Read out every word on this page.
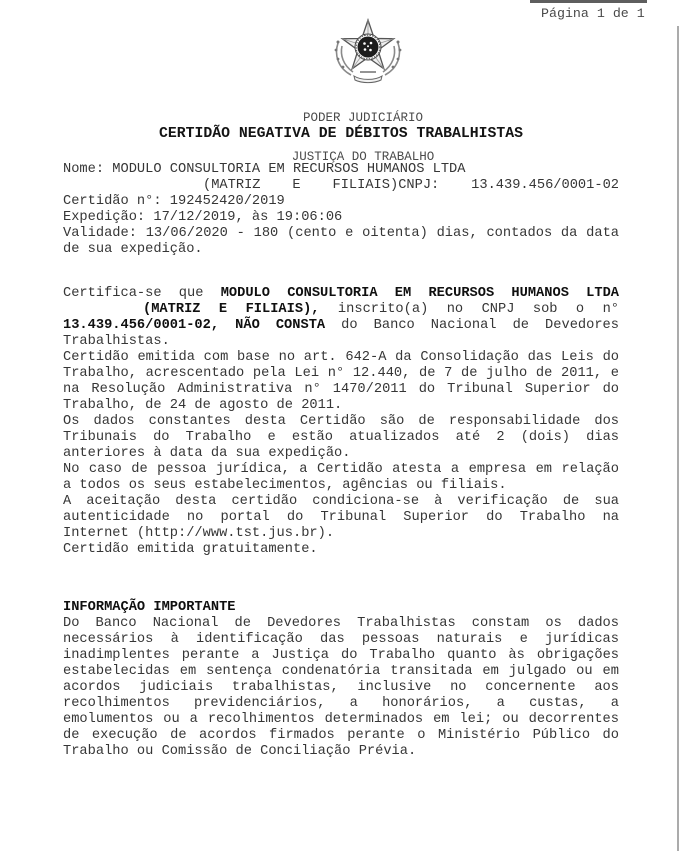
Página 1 de 1

PODER JUDICIÁRIO

JUSTIÇA DO TRABALHO

CERTIDÃO NEGATIVA DE DÉBITOS TRABALHISTAS
Nome: MODULO CONSULTORIA EM RECURSOS HUMANOS LTDA
(MATRIZ E FILIAIS)CNPJ: 13.439.456/0001-02
Certidão n°: 192452420/2019
Expedição: 17/12/2019, às 19:06:06
Validade: 13/06/2020 - 180 (cento e oitenta) dias, contados da data
de sua expedição.
Certifica-se que MODULO CONSULTORIA EM RECURSOS HUMANOS LTDA
(MATRIZ E FILIAIS), inscrito(a) no CNPJ sob o n°
13.439.456/0001-02, NÃO CONSTA do Banco Nacional de Devedores
Trabalhistas.
Certidão emitida com base no art. 642-A da Consolidação das Leis do
Trabalho, acrescentado pela Lei n° 12.440, de 7 de julho de 2011, e
na Resolução Administrativa n° 1470/2011 do Tribunal Superior do
Trabalho, de 24 de agosto de 2011.
Os dados constantes desta Certidão são de responsabilidade dos
Tribunais do Trabalho e estão atualizados até 2 (dois) dias
anteriores à data da sua expedição.
No caso de pessoa jurídica, a Certidão atesta a empresa em relação
a todos os seus estabelecimentos, agências ou filiais.
A aceitação desta certidão condiciona-se à verificação de sua
autenticidade no portal do Tribunal Superior do Trabalho na
Internet (http://www.tst.jus.br).
Certidão emitida gratuitamente.
INFORMAÇÃO IMPORTANTE
Do Banco Nacional de Devedores Trabalhistas constam os dados
necessários à identificação das pessoas naturais e jurídicas
inadimplentes perante a Justiça do Trabalho quanto às obrigações
estabelecidas em sentença condenatória transitada em julgado ou em
acordos judiciais trabalhistas, inclusive no concernente aos
recolhimentos previdenciários, a honorários, a custas, a
emolumentos ou a recolhimentos determinados em lei; ou decorrentes
de execução de acordos firmados perante o Ministério Público do
Trabalho ou Comissão de Conciliação Prévia.
